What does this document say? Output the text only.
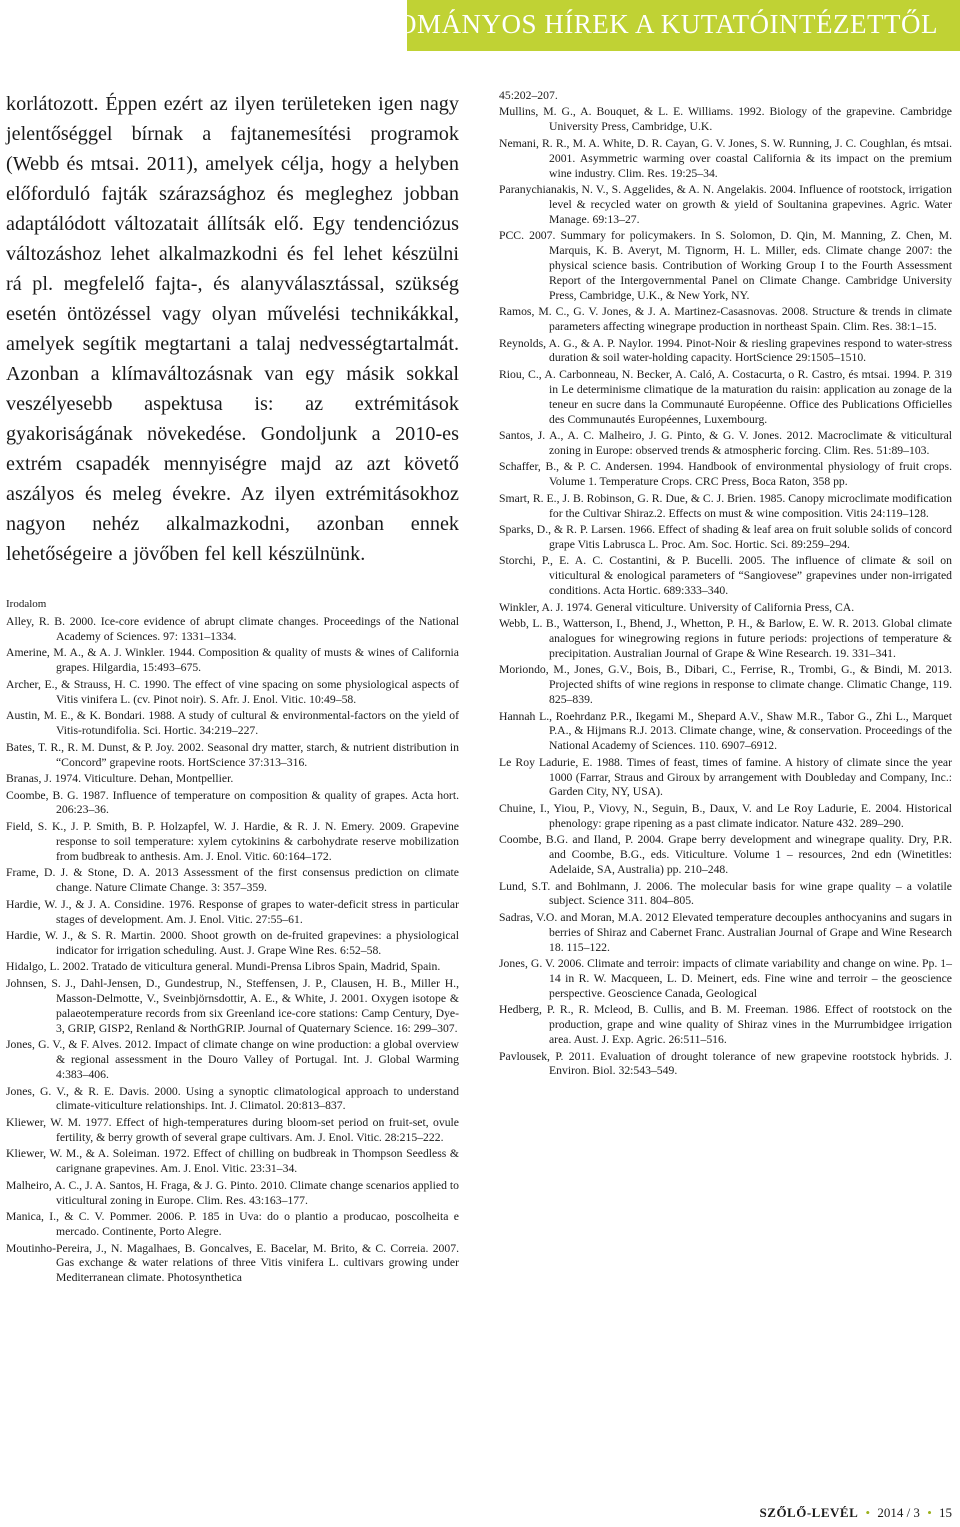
TUDOMÁNYOS HÍREK A KUTATÓINTÉZETTŐL

korlátozott. Éppen ezért az ilyen területeken igen nagy jelentőséggel bírnak a fajtanemesítési programok (Webb és mtsai. 2011), amelyek célja, hogy a helyben előforduló fajták szárazsághoz és megleghez jobban adaptálódott változatait állítsák elő. Egy tendenciózus változáshoz lehet alkalmazkodni és fel lehet készülni rá pl. megfelelő fajta-, és alanyválasztással, szükség esetén öntözéssel vagy olyan művelési technikákkal, amelyek segítik megtartani a talaj nedvességtartalmát. Azonban a klímaváltozásnak van egy másik sokkal veszélyesebb aspektusa is: az extrémitások gyakoriságának növekedése. Gondoljunk a 2010-es extrém csapadék mennyiségre majd az azt követő aszályos és meleg évekre. Az ilyen extrémitásokhoz nagyon nehéz alkalmazkodni, azonban ennek lehetőségeire a jövőben fel kell készülnünk.

Irodalom
Alley, R. B. 2000. Ice-core evidence of abrupt climate changes. Proceedings of the National Academy of Sciences. 97: 1331–1334.
Amerine, M. A., & A. J. Winkler. 1944. Composition & quality of musts & wines of California grapes. Hilgardia, 15:493–675.
Archer, E., & Strauss, H. C. 1990. The effect of vine spacing on some physiological aspects of Vitis vinifera L. (cv. Pinot noir). S. Afr. J. Enol. Vitic. 10:49–58.
Austin, M. E., & K. Bondari. 1988. A study of cultural & environmental-factors on the yield of Vitis-rotundifolia. Sci. Hortic. 34:219–227.
Bates, T. R., R. M. Dunst, & P. Joy. 2002. Seasonal dry matter, starch, & nutrient distribution in “Concord” grapevine roots. HortScience 37:313–316.
Branas, J. 1974. Viticulture. Dehan, Montpellier.
Coombe, B. G. 1987. Influence of temperature on composition & quality of grapes. Acta hort. 206:23–36.
Field, S. K., J. P. Smith, B. P. Holzapfel, W. J. Hardie, & R. J. N. Emery. 2009. Grapevine response to soil temperature: xylem cytokinins & carbohydrate reserve mobilization from budbreak to anthesis. Am. J. Enol. Vitic. 60:164–172.
Frame, D. J. & Stone, D. A. 2013 Assessment of the first consensus prediction on climate change. Nature Climate Change. 3: 357–359.
Hardie, W. J., & J. A. Considine. 1976. Response of grapes to water-deficit stress in particular stages of development. Am. J. Enol. Vitic. 27:55–61.
Hardie, W. J., & S. R. Martin. 2000. Shoot growth on de-fruited grapevines: a physiological indicator for irrigation scheduling. Aust. J. Grape Wine Res. 6:52–58.
Hidalgo, L. 2002. Tratado de viticultura general. Mundi-Prensa Libros Spain, Madrid, Spain.
Johnsen, S. J., Dahl-Jensen, D., Gundestrup, N., Steffensen, J. P., Clausen, H. B., Miller H., Masson-Delmotte, V., Sveinbjörnsdottir, A. E., & White, J. 2001. Oxygen isotope & palaeotemperature records from six Greenland ice-core stations: Camp Century, Dye-3, GRIP, GISP2, Renland & NorthGRIP. Journal of Quaternary Science. 16: 299–307.
Jones, G. V., & F. Alves. 2012. Impact of climate change on wine production: a global overview & regional assessment in the Douro Valley of Portugal. Int. J. Global Warming 4:383–406.
Jones, G. V., & R. E. Davis. 2000. Using a synoptic climatological approach to understand climate-viticulture relationships. Int. J. Climatol. 20:813–837.
Kliewer, W. M. 1977. Effect of high-temperatures during bloom-set period on fruit-set, ovule fertility, & berry growth of several grape cultivars. Am. J. Enol. Vitic. 28:215–222.
Kliewer, W. M., & A. Soleiman. 1972. Effect of chilling on budbreak in Thompson Seedless & carignane grapevines. Am. J. Enol. Vitic. 23:31–34.
Malheiro, A. C., J. A. Santos, H. Fraga, & J. G. Pinto. 2010. Climate change scenarios applied to viticultural zoning in Europe. Clim. Res. 43:163–177.
Manica, I., & C. V. Pommer. 2006. P. 185 in Uva: do o plantio a producao, poscolheita e mercado. Continente, Porto Alegre.
Moutinho-Pereira, J., N. Magalhaes, B. Goncalves, E. Bacelar, M. Brito, & C. Correia. 2007. Gas exchange & water relations of three Vitis vinifera L. cultivars growing under Mediterranean climate. Photosynthetica
45:202–207.
Mullins, M. G., A. Bouquet, & L. E. Williams. 1992. Biology of the grapevine. Cambridge University Press, Cambridge, U.K.
Nemani, R. R., M. A. White, D. R. Cayan, G. V. Jones, S. W. Running, J. C. Coughlan, és mtsai. 2001. Asymmetric warming over coastal California & its impact on the premium wine industry. Clim. Res. 19:25–34.
Paranychianakis, N. V., S. Aggelides, & A. N. Angelakis. 2004. Influence of rootstock, irrigation level & recycled water on growth & yield of Soultanina grapevines. Agric. Water Manage. 69:13–27.
PCC. 2007. Summary for policymakers. In S. Solomon, D. Qin, M. Manning, Z. Chen, M. Marquis, K. B. Averyt, M. Tignorm, H. L. Miller, eds. Climate change 2007: the physical science basis. Contribution of Working Group I to the Fourth Assessment Report of the Intergovernmental Panel on Climate Change. Cambridge University Press, Cambridge, U.K., & New York, NY.
Ramos, M. C., G. V. Jones, & J. A. Martinez-Casasnovas. 2008. Structure & trends in climate parameters affecting winegrape production in northeast Spain. Clim. Res. 38:1–15.
Reynolds, A. G., & A. P. Naylor. 1994. Pinot-Noir & riesling grapevines respond to water-stress duration & soil water-holding capacity. HortScience 29:1505–1510.
Riou, C., A. Carbonneau, N. Becker, A. Caló, A. Costacurta, o R. Castro, és mtsai. 1994. P. 319 in Le determinisme climatique de la maturation du raisin: application au zonage de la teneur en sucre dans la Communauté Européenne. Office des Publications Officielles des Communautés Européennes, Luxembourg.
Santos, J. A., A. C. Malheiro, J. G. Pinto, & G. V. Jones. 2012. Macroclimate & viticultural zoning in Europe: observed trends & atmospheric forcing. Clim. Res. 51:89–103.
Schaffer, B., & P. C. Andersen. 1994. Handbook of environmental physiology of fruit crops. Volume 1. Temperature Crops. CRC Press, Boca Raton, 358 pp.
Smart, R. E., J. B. Robinson, G. R. Due, & C. J. Brien. 1985. Canopy microclimate modification for the Cultivar Shiraz.2. Effects on must & wine composition. Vitis 24:119–128.
Sparks, D., & R. P. Larsen. 1966. Effect of shading & leaf area on fruit soluble solids of concord grape Vitis Labrusca L. Proc. Am. Soc. Hortic. Sci. 89:259–294.
Storchi, P., E. A. C. Costantini, & P. Bucelli. 2005. The influence of climate & soil on viticultural & enological parameters of “Sangiovese” grapevines under non-irrigated conditions. Acta Hortic. 689:333–340.
Winkler, A. J. 1974. General viticulture. University of California Press, CA.
Webb, L. B., Watterson, I., Bhend, J., Whetton, P. H., & Barlow, E. W. R. 2013. Global climate analogues for winegrowing regions in future periods: projections of temperature & precipitation. Australian Journal of Grape & Wine Research. 19. 331–341.
Moriondo, M., Jones, G.V., Bois, B., Dibari, C., Ferrise, R., Trombi, G., & Bindi, M. 2013. Projected shifts of wine regions in response to climate change. Climatic Change, 119. 825–839.
Hannah L., Roehrdanz P.R., Ikegami M., Shepard A.V., Shaw M.R., Tabor G., Zhi L., Marquet P.A., & Hijmans R.J. 2013. Climate change, wine, & conservation. Proceedings of the National Academy of Sciences. 110. 6907–6912.
Le Roy Ladurie, E. 1988. Times of feast, times of famine. A history of climate since the year 1000 (Farrar, Straus and Giroux by arrangement with Doubleday and Company, Inc.: Garden City, NY, USA).
Chuine, I., Yiou, P., Viovy, N., Seguin, B., Daux, V. and Le Roy Ladurie, E. 2004. Historical phenology: grape ripening as a past climate indicator. Nature 432. 289–290.
Coombe, B.G. and Iland, P. 2004. Grape berry development and winegrape quality. Dry, P.R. and Coombe, B.G., eds. Viticulture. Volume 1 – resources, 2nd edn (Winetitles: Adelaide, SA, Australia) pp. 210–248.
Lund, S.T. and Bohlmann, J. 2006. The molecular basis for wine grape quality – a volatile subject. Science 311. 804–805.
Sadras, V.O. and Moran, M.A. 2012 Elevated temperature decouples anthocyanins and sugars in berries of Shiraz and Cabernet Franc. Australian Journal of Grape and Wine Research 18. 115–122.
Jones, G. V. 2006. Climate and terroir: impacts of climate variability and change on wine. Pp. 1–14 in R. W. Macqueen, L. D. Meinert, eds. Fine wine and terroir – the geoscience perspective. Geoscience Canada, Geological
Hedberg, P. R., R. Mcleod, B. Cullis, and B. M. Freeman. 1986. Effect of rootstock on the production, grape and wine quality of Shiraz vines in the Murrumbidgee irrigation area. Aust. J. Exp. Agric. 26:511–516.
Pavlousek, P. 2011. Evaluation of drought tolerance of new grapevine rootstock hybrids. J. Environ. Biol. 32:543–549.
SZŐLŐ-LEVÉL • 2014 / 3 • 15
